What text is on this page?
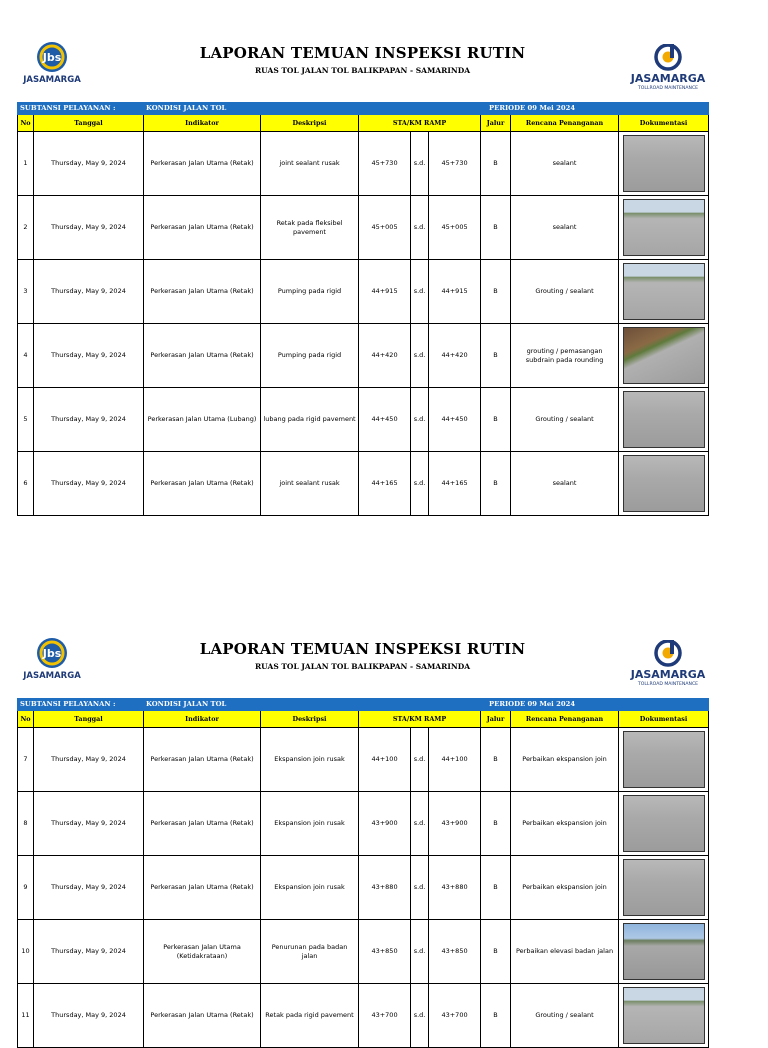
Jbs
JASAMARGA
LAPORAN TEMUAN INSPEKSI RUTIN
RUAS TOL JALAN TOL BALIKPAPAN - SAMARINDA
JASAMARGA
TOLLROAD MAINTENANCE
SUBTANSI PELAYANAN :		KONDISI JALAN TOL				PERIODE 09 Mei 2024			
No	Tanggal	Indikator	Deskripsi	STA/KM RAMP			Jalur	Rencana Penanganan	Dokumentasi
1	Thursday, May 9, 2024	Perkerasan Jalan Utama (Retak)	joint sealant rusak	45+730	s.d.	45+730	B	sealant	

2	Thursday, May 9, 2024	Perkerasan Jalan Utama (Retak)	Retak pada fleksibel pavement	45+005	s.d.	45+005	B	sealant	

3	Thursday, May 9, 2024	Perkerasan Jalan Utama (Retak)	Pumping pada rigid	44+915	s.d.	44+915	B	Grouting / sealant	

4	Thursday, May 9, 2024	Perkerasan Jalan Utama (Retak)	Pumping pada rigid	44+420	s.d.	44+420	B	grouting / pemasangan subdrain pada rounding	

5	Thursday, May 9, 2024	Perkerasan Jalan Utama (Lubang)	lubang pada rigid pavement	44+450	s.d.	44+450	B	Grouting / sealant	

6	Thursday, May 9, 2024	Perkerasan Jalan Utama (Retak)	joint sealant rusak	44+165	s.d.	44+165	B	sealant	
Jbs
JASAMARGA
LAPORAN TEMUAN INSPEKSI RUTIN
RUAS TOL JALAN TOL BALIKPAPAN - SAMARINDA
JASAMARGA
TOLLROAD MAINTENANCE
SUBTANSI PELAYANAN :		KONDISI JALAN TOL				PERIODE 09 Mei 2024			
No	Tanggal	Indikator	Deskripsi	STA/KM RAMP			Jalur	Rencana Penanganan	Dokumentasi
7	Thursday, May 9, 2024	Perkerasan Jalan Utama (Retak)	Ekspansion join rusak	44+100	s.d.	44+100	B	Perbaikan ekspansion join	

8	Thursday, May 9, 2024	Perkerasan Jalan Utama (Retak)	Ekspansion join rusak	43+900	s.d.	43+900	B	Perbaikan ekspansion join	

9	Thursday, May 9, 2024	Perkerasan Jalan Utama (Retak)	Ekspansion join rusak	43+880	s.d.	43+880	B	Perbaikan ekspansion join	

10	Thursday, May 9, 2024	Perkerasan Jalan Utama (Ketidakrataan)	Penurunan pada badan jalan	43+850	s.d.	43+850	B	Perbaikan elevasi badan jalan	

11	Thursday, May 9, 2024	Perkerasan Jalan Utama (Retak)	Retak pada rigid pavement	43+700	s.d.	43+700	B	Grouting / sealant	
